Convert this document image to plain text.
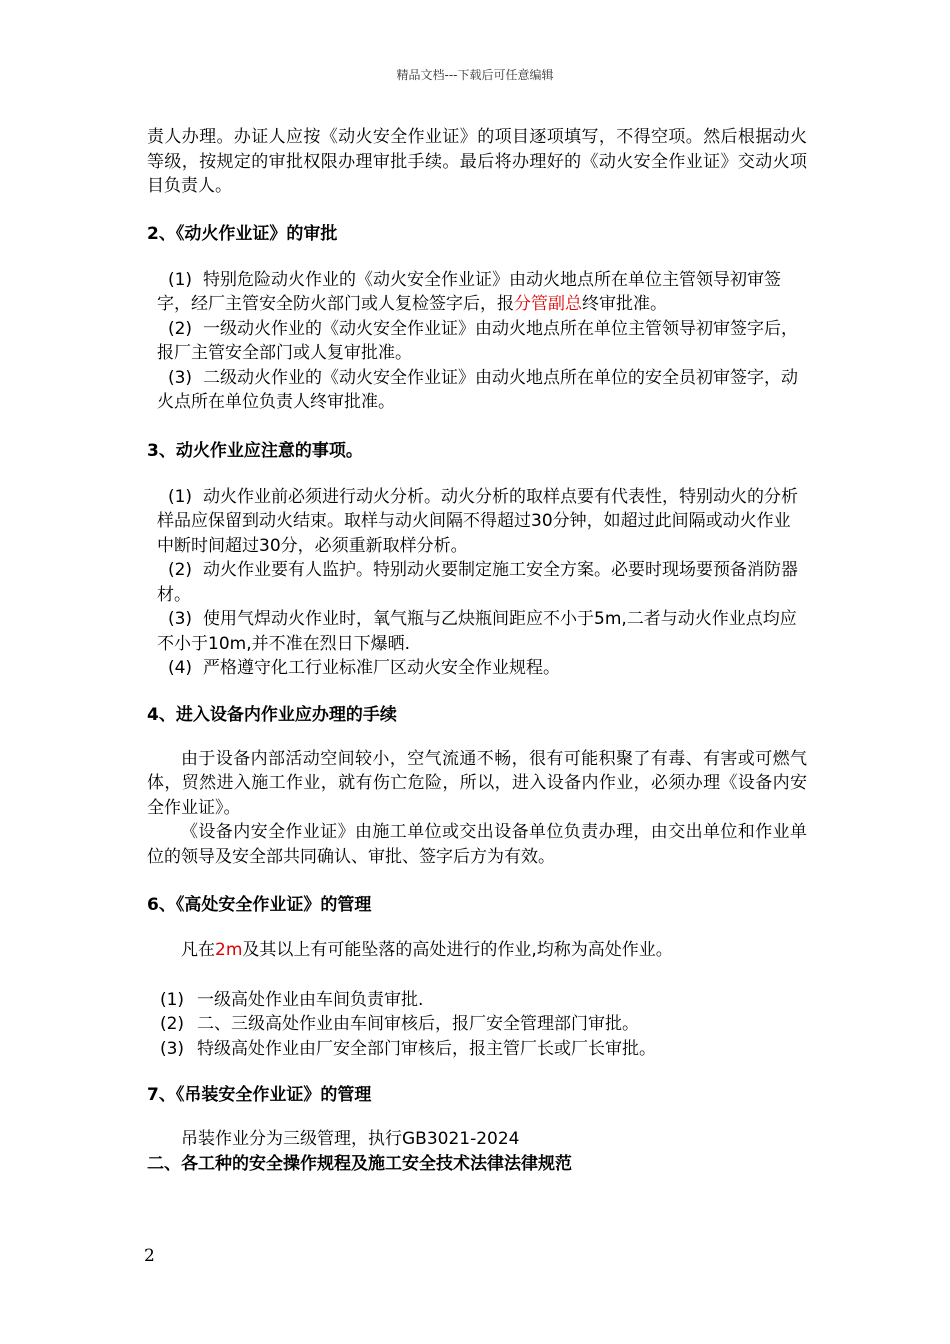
精品文档---下载后可任意编辑

责人办理。办证人应按《动火安全作业证》的项目逐项填写，不得空项。然后根据动火等级，按规定的审批权限办理审批手续。最后将办理好的《动火安全作业证》交动火项目负责人。

2、《动火作业证》的审批

(1) 特别危险动火作业的《动火安全作业证》由动火地点所在单位主管领导初审签字，经厂主管安全防火部门或人复检签字后，报分管副总终审批准。

(2) 一级动火作业的《动火安全作业证》由动火地点所在单位主管领导初审签字后，报厂主管安全部门或人复审批准。

(3) 二级动火作业的《动火安全作业证》由动火地点所在单位的安全员初审签字，动火点所在单位负责人终审批准。

3、动火作业应注意的事项。

(1) 动火作业前必须进行动火分析。动火分析的取样点要有代表性，特别动火的分析样品应保留到动火结束。取样与动火间隔不得超过30分钟，如超过此间隔或动火作业中断时间超过30分，必须重新取样分析。

(2) 动火作业要有人监护。特别动火要制定施工安全方案。必要时现场要预备消防器材。

(3) 使用气焊动火作业时，氧气瓶与乙炔瓶间距应不小于5m,二者与动火作业点均应不小于10m,并不准在烈日下爆晒.

(4) 严格遵守化工行业标准厂区动火安全作业规程。

4、进入设备内作业应办理的手续

由于设备内部活动空间较小，空气流通不畅，很有可能积聚了有毒、有害或可燃气体，贸然进入施工作业，就有伤亡危险，所以，进入设备内作业，必须办理《设备内安全作业证》。

《设备内安全作业证》由施工单位或交出设备单位负责办理，由交出单位和作业单位的领导及安全部共同确认、审批、签字后方为有效。

6、《高处安全作业证》的管理

凡在2m及其以上有可能坠落的高处进行的作业,均称为高处作业。

(1) 一级高处作业由车间负责审批.

(2) 二、三级高处作业由车间审核后，报厂安全管理部门审批。

(3) 特级高处作业由厂安全部门审核后，报主管厂长或厂长审批。

7、《吊装安全作业证》的管理

吊装作业分为三级管理，执行GB3021-2024

二、各工种的安全操作规程及施工安全技术法律法律规范

2
